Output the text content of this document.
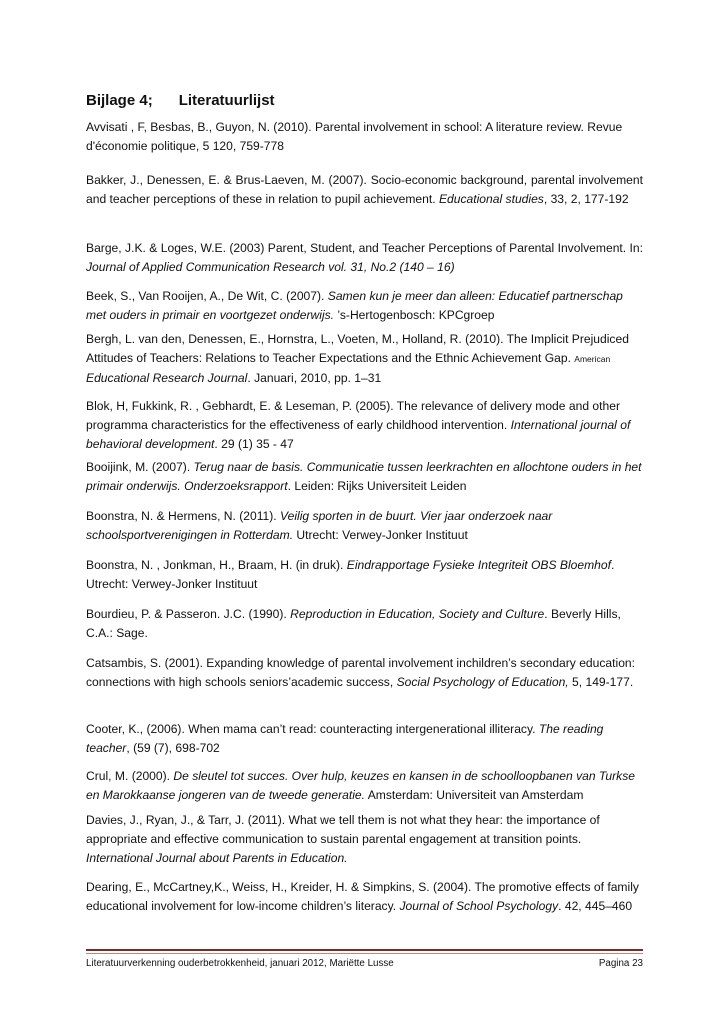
Bijlage 4; Literatuurlijst

Avvisati , F, Besbas, B., Guyon, N. (2010). Parental involvement in school: A literature review. Revue d'économie politique, 5 120, 759-778

Bakker, J., Denessen, E. & Brus-Laeven, M. (2007). Socio-economic background, parental involvement and teacher perceptions of these in relation to pupil achievement. Educational studies, 33, 2, 177-192

Barge, J.K. & Loges, W.E. (2003) Parent, Student, and Teacher Perceptions of Parental Involvement. In: Journal of Applied Communication Research vol. 31, No.2 (140 – 16)

Beek, S., Van Rooijen, A., De Wit, C. (2007). Samen kun je meer dan alleen: Educatief partnerschap met ouders in primair en voortgezet onderwijs. ’s-Hertogenbosch: KPCgroep

Bergh, L. van den, Denessen, E., Hornstra, L., Voeten, M., Holland, R. (2010). The Implicit Prejudiced Attitudes of Teachers: Relations to Teacher Expectations and the Ethnic Achievement Gap. American Educational Research Journal. Januari, 2010, pp. 1–31

Blok, H, Fukkink, R. , Gebhardt, E. & Leseman, P. (2005). The relevance of delivery mode and other programma characteristics for the effectiveness of early childhood intervention. International journal of behavioral development. 29 (1) 35 - 47

Booijink, M. (2007). Terug naar de basis. Communicatie tussen leerkrachten en allochtone ouders in het primair onderwijs. Onderzoeksrapport. Leiden: Rijks Universiteit Leiden

Boonstra, N. & Hermens, N. (2011). Veilig sporten in de buurt. Vier jaar onderzoek naar schoolsportverenigingen in Rotterdam. Utrecht: Verwey-Jonker Instituut

Boonstra, N. , Jonkman, H., Braam, H. (in druk). Eindrapportage Fysieke Integriteit OBS Bloemhof. Utrecht: Verwey-Jonker Instituut

Bourdieu, P. & Passeron. J.C. (1990). Reproduction in Education, Society and Culture. Beverly Hills, C.A.: Sage.

Catsambis, S. (2001). Expanding knowledge of parental involvement inchildren’s secondary education: connections with high schools seniors’academic success, Social Psychology of Education, 5, 149-177.

Cooter, K., (2006). When mama can’t read: counteracting intergenerational illiteracy. The reading teacher, (59 (7), 698-702

Crul, M. (2000). De sleutel tot succes. Over hulp, keuzes en kansen in de schoolloopbanen van Turkse en Marokkaanse jongeren van de tweede generatie. Amsterdam: Universiteit van Amsterdam

Davies, J., Ryan, J., & Tarr, J. (2011). What we tell them is not what they hear: the importance of appropriate and effective communication to sustain parental engagement at transition points. International Journal about Parents in Education.

Dearing, E., McCartney,K., Weiss, H., Kreider, H. & Simpkins, S. (2004). The promotive effects of family educational involvement for low-income children’s literacy. Journal of School Psychology. 42, 445–460

Literatuurverkenning ouderbetrokkenheid, januari 2012, Mariëtte Lusse	Pagina 23
